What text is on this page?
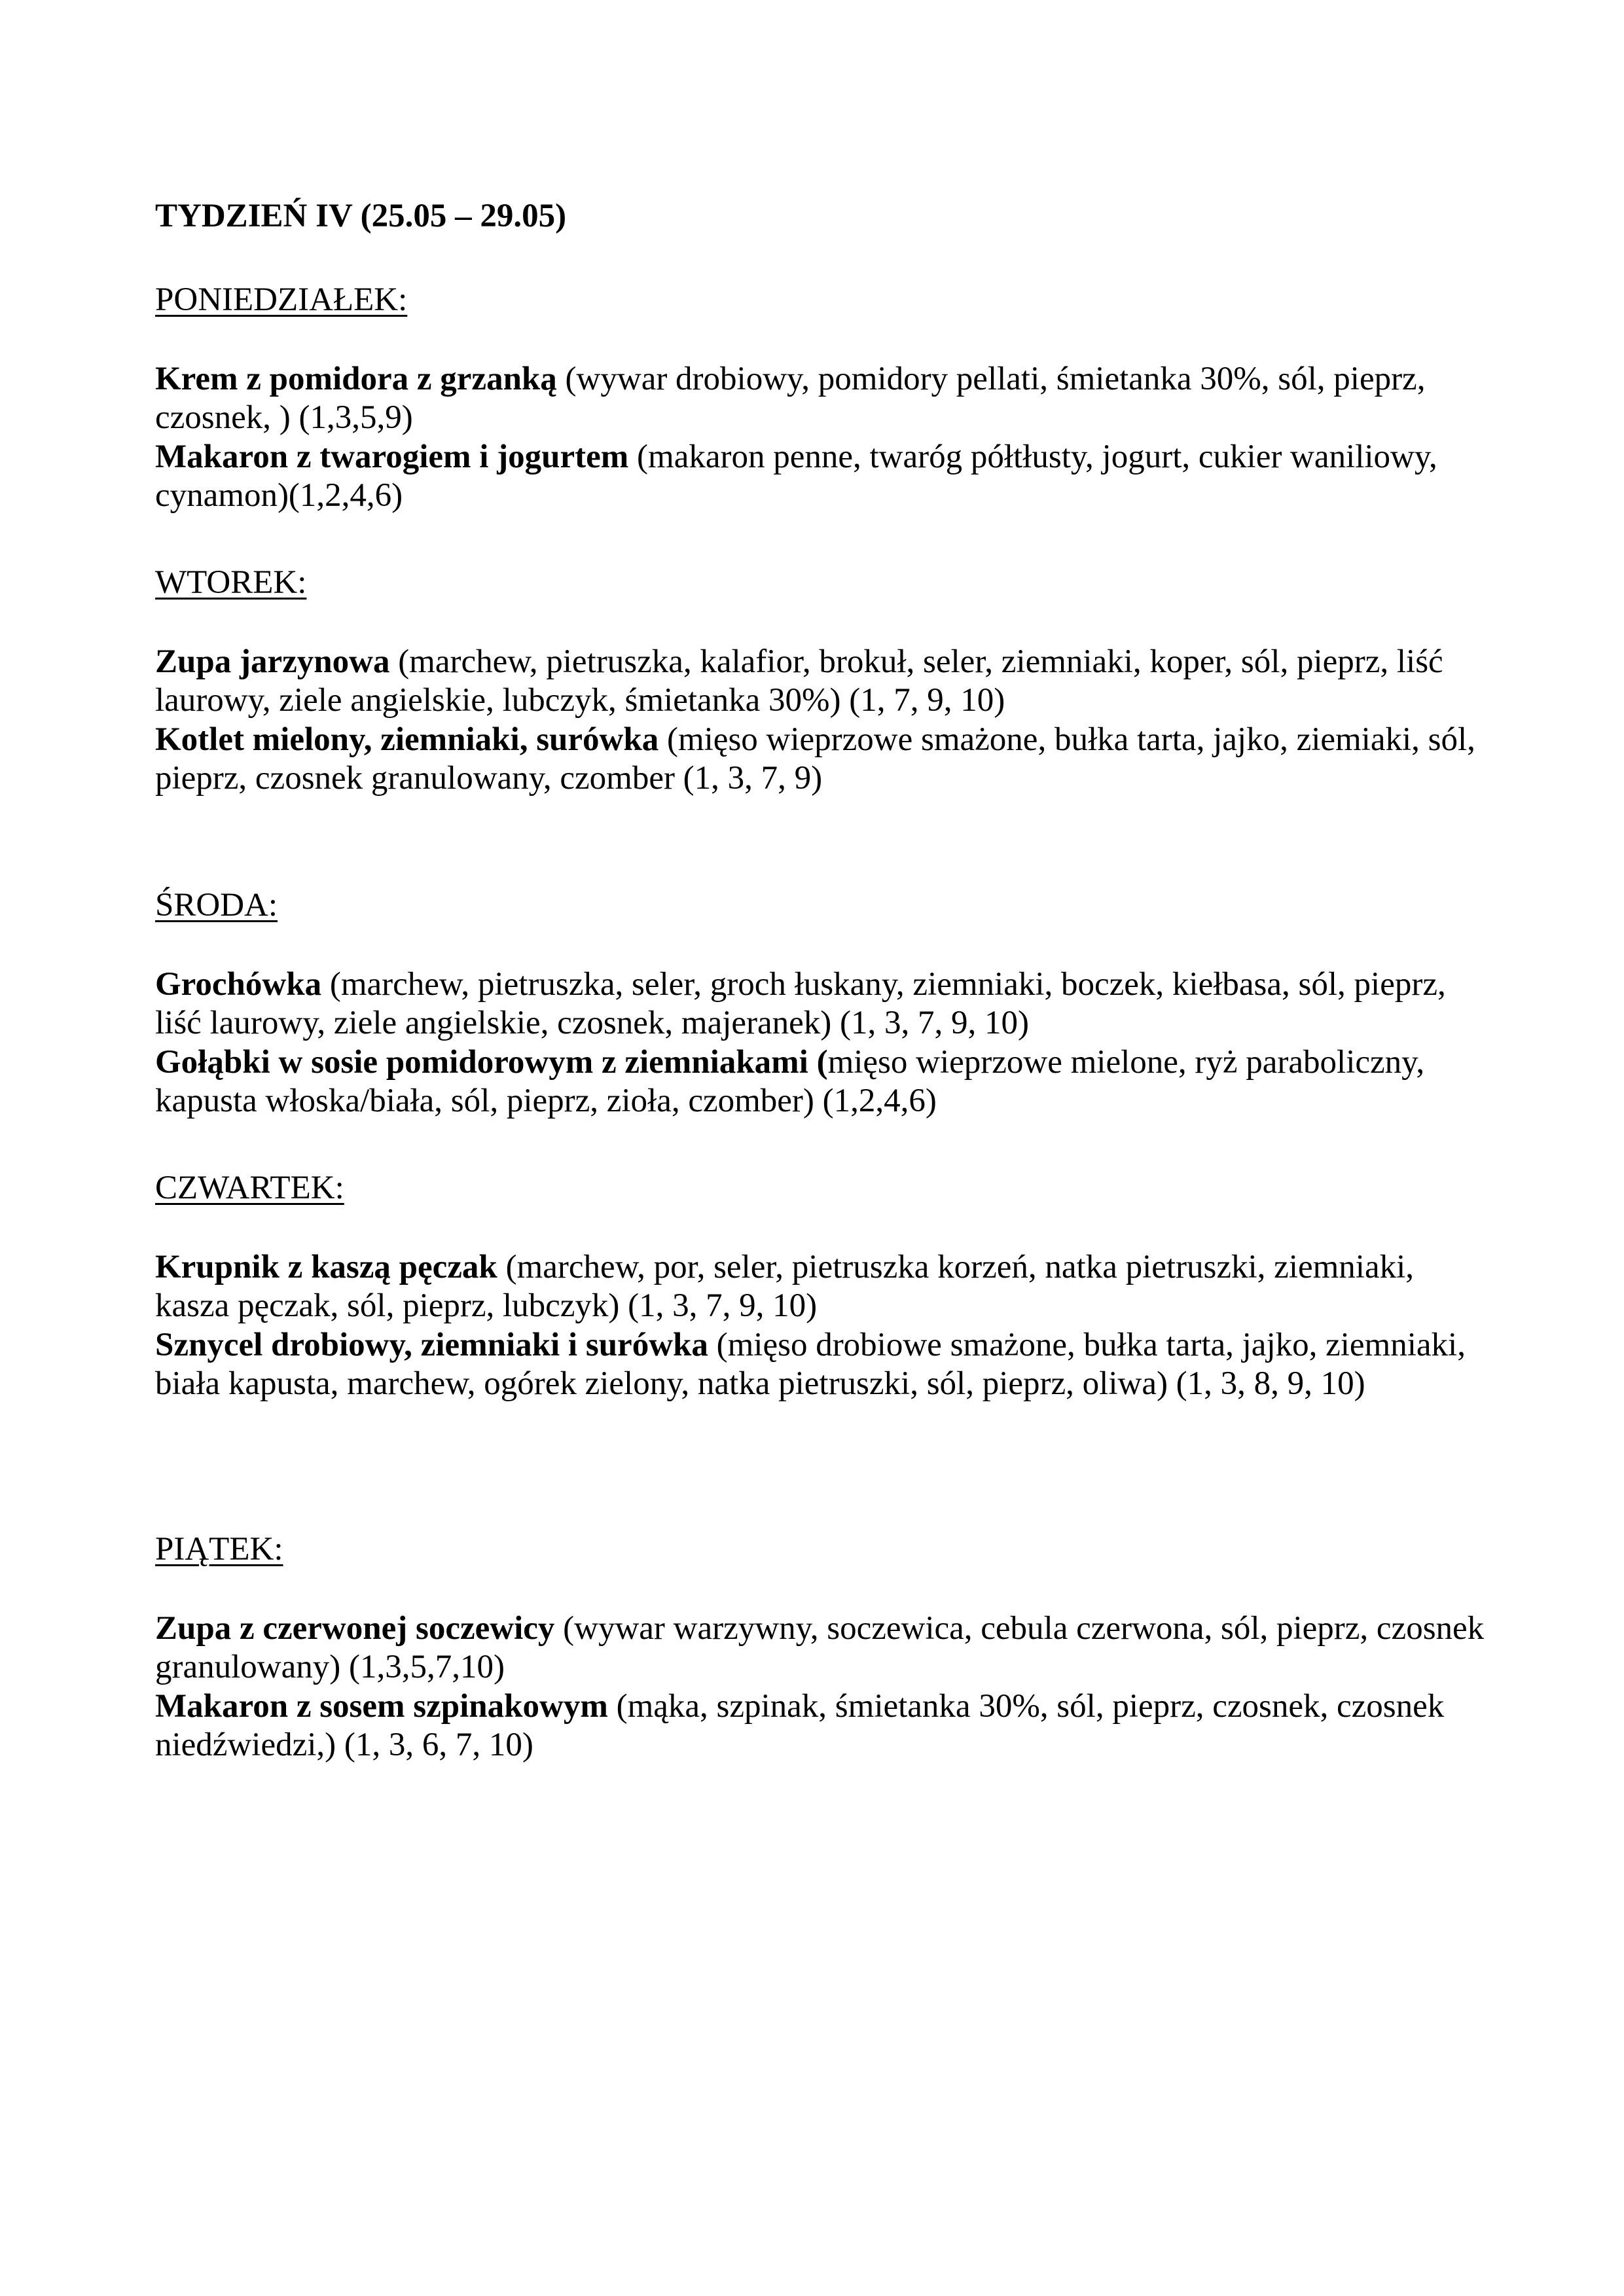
TYDZIEŃ IV (25.05 – 29.05)
PONIEDZIAŁEK:
Krem z pomidora z grzanką (wywar drobiowy, pomidory pellati, śmietanka 30%, sól, pieprz, czosnek, ) (1,3,5,9)
Makaron z twarogiem i jogurtem (makaron penne, twaróg półtłusty, jogurt, cukier waniliowy, cynamon)(1,2,4,6)
WTOREK:
Zupa jarzynowa (marchew, pietruszka, kalafior, brokuł, seler, ziemniaki, koper, sól, pieprz, liść laurowy, ziele angielskie, lubczyk, śmietanka 30%) (1, 7, 9, 10)
Kotlet mielony, ziemniaki, surówka (mięso wieprzowe smażone, bułka tarta, jajko, ziemiaki, sól, pieprz, czosnek granulowany, czomber (1, 3, 7, 9)
ŚRODA:
Grochówka (marchew, pietruszka, seler, groch łuskany, ziemniaki, boczek, kiełbasa, sól, pieprz, liść laurowy, ziele angielskie, czosnek, majeranek) (1, 3, 7, 9, 10)
Gołąbki w sosie pomidorowym z ziemniakami (mięso wieprzowe mielone, ryż paraboliczny, kapusta włoska/biała, sól, pieprz, zioła, czomber) (1,2,4,6)
CZWARTEK:
Krupnik z kaszą pęczak (marchew, por, seler, pietruszka korzeń, natka pietruszki, ziemniaki, kasza pęczak, sól, pieprz, lubczyk) (1, 3, 7, 9, 10)
Sznycel drobiowy, ziemniaki i surówka (mięso drobiowe smażone, bułka tarta, jajko, ziemniaki, biała kapusta, marchew, ogórek zielony, natka pietruszki, sól, pieprz, oliwa) (1, 3, 8, 9, 10)
PIĄTEK:
Zupa z czerwonej soczewicy (wywar warzywny, soczewica, cebula czerwona, sól, pieprz, czosnek granulowany) (1,3,5,7,10)
Makaron z sosem szpinakowym (mąka, szpinak, śmietanka 30%, sól, pieprz, czosnek, czosnek niedźwiedzi,) (1, 3, 6, 7, 10)
